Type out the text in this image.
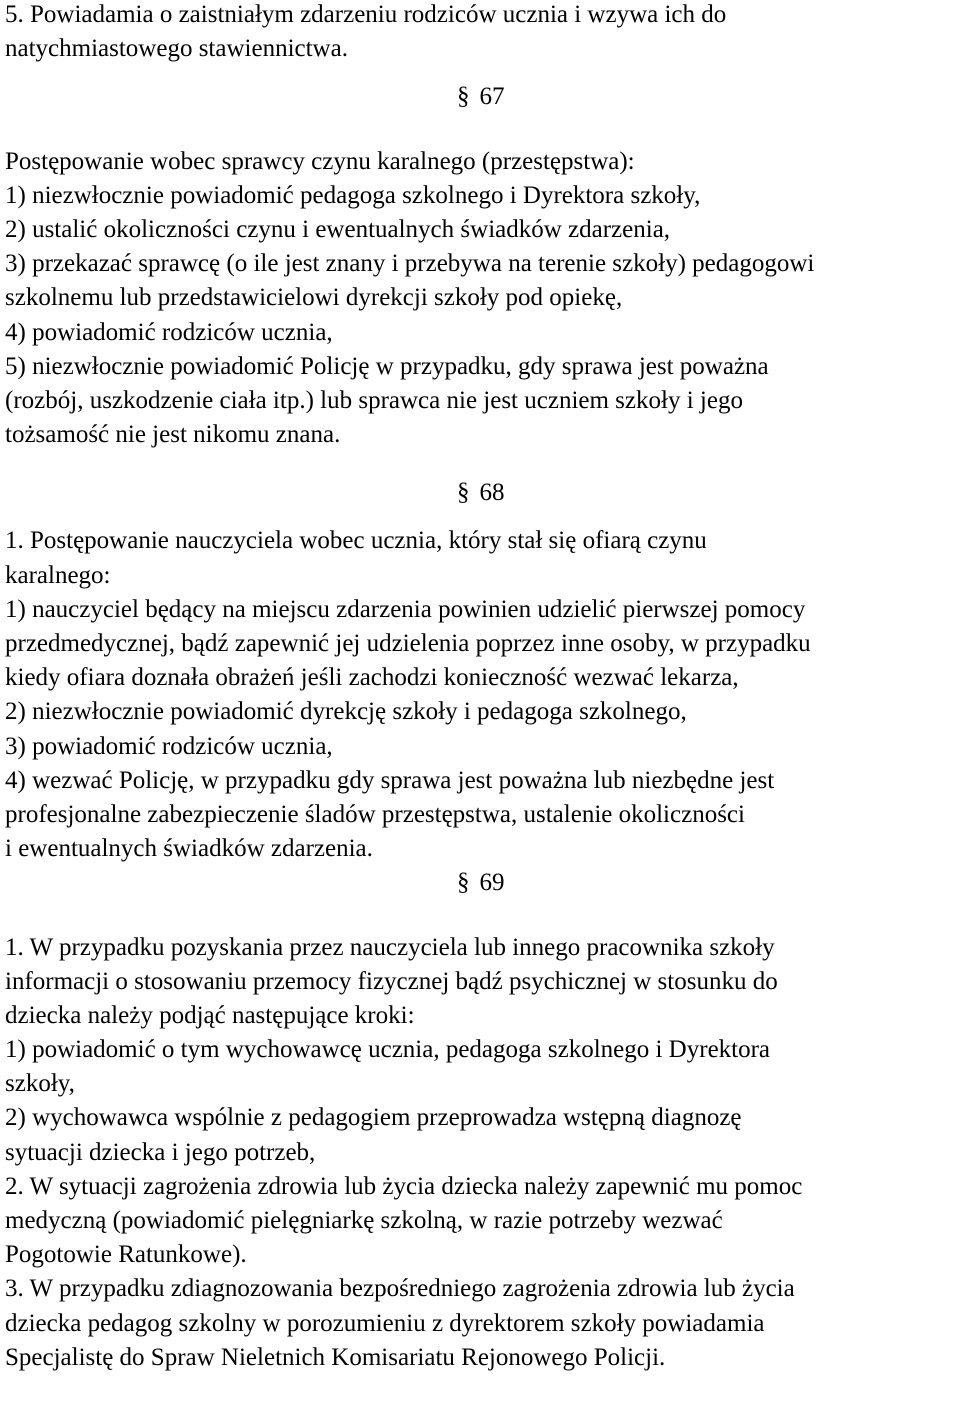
5. Powiadamia o zaistniałym zdarzeniu rodziców ucznia i wzywa ich do
natychmiastowego stawiennictwa.
§ 67
Postępowanie wobec sprawcy czynu karalnego (przestępstwa):
1) niezwłocznie powiadomić pedagoga szkolnego i Dyrektora szkoły,
2) ustalić okoliczności czynu i ewentualnych świadków zdarzenia,
3) przekazać sprawcę (o ile jest znany i przebywa na terenie szkoły) pedagogowi
szkolnemu lub przedstawicielowi dyrekcji szkoły pod opiekę,
4) powiadomić rodziców ucznia,
5) niezwłocznie powiadomić Policję w przypadku, gdy sprawa jest poważna
(rozbój, uszkodzenie ciała itp.) lub sprawca nie jest uczniem szkoły i jego
tożsamość nie jest nikomu znana.
§ 68
1. Postępowanie nauczyciela wobec ucznia, który stał się ofiarą czynu
karalnego:
1) nauczyciel będący na miejscu zdarzenia powinien udzielić pierwszej pomocy
przedmedycznej, bądź zapewnić jej udzielenia poprzez inne osoby, w przypadku
kiedy ofiara doznała obrażeń jeśli zachodzi konieczność wezwać lekarza,
2) niezwłocznie powiadomić dyrekcję szkoły i pedagoga szkolnego,
3) powiadomić rodziców ucznia,
4) wezwać Policję, w przypadku gdy sprawa jest poważna lub niezbędne jest
profesjonalne zabezpieczenie śladów przestępstwa, ustalenie okoliczności
i ewentualnych świadków zdarzenia.
§ 69
1. W przypadku pozyskania przez nauczyciela lub innego pracownika szkoły
informacji o stosowaniu przemocy fizycznej bądź psychicznej w stosunku do
dziecka należy podjąć następujące kroki:
1) powiadomić o tym wychowawcę ucznia, pedagoga szkolnego i Dyrektora
szkoły,
2) wychowawca wspólnie z pedagogiem przeprowadza wstępną diagnozę
sytuacji dziecka i jego potrzeb,
2. W sytuacji zagrożenia zdrowia lub życia dziecka należy zapewnić mu pomoc
medyczną (powiadomić pielęgniarkę szkolną, w razie potrzeby wezwać
Pogotowie Ratunkowe).
3. W przypadku zdiagnozowania bezpośredniego zagrożenia zdrowia lub życia
dziecka pedagog szkolny w porozumieniu z dyrektorem szkoły powiadamia
Specjalistę do Spraw Nieletnich Komisariatu Rejonowego Policji.
